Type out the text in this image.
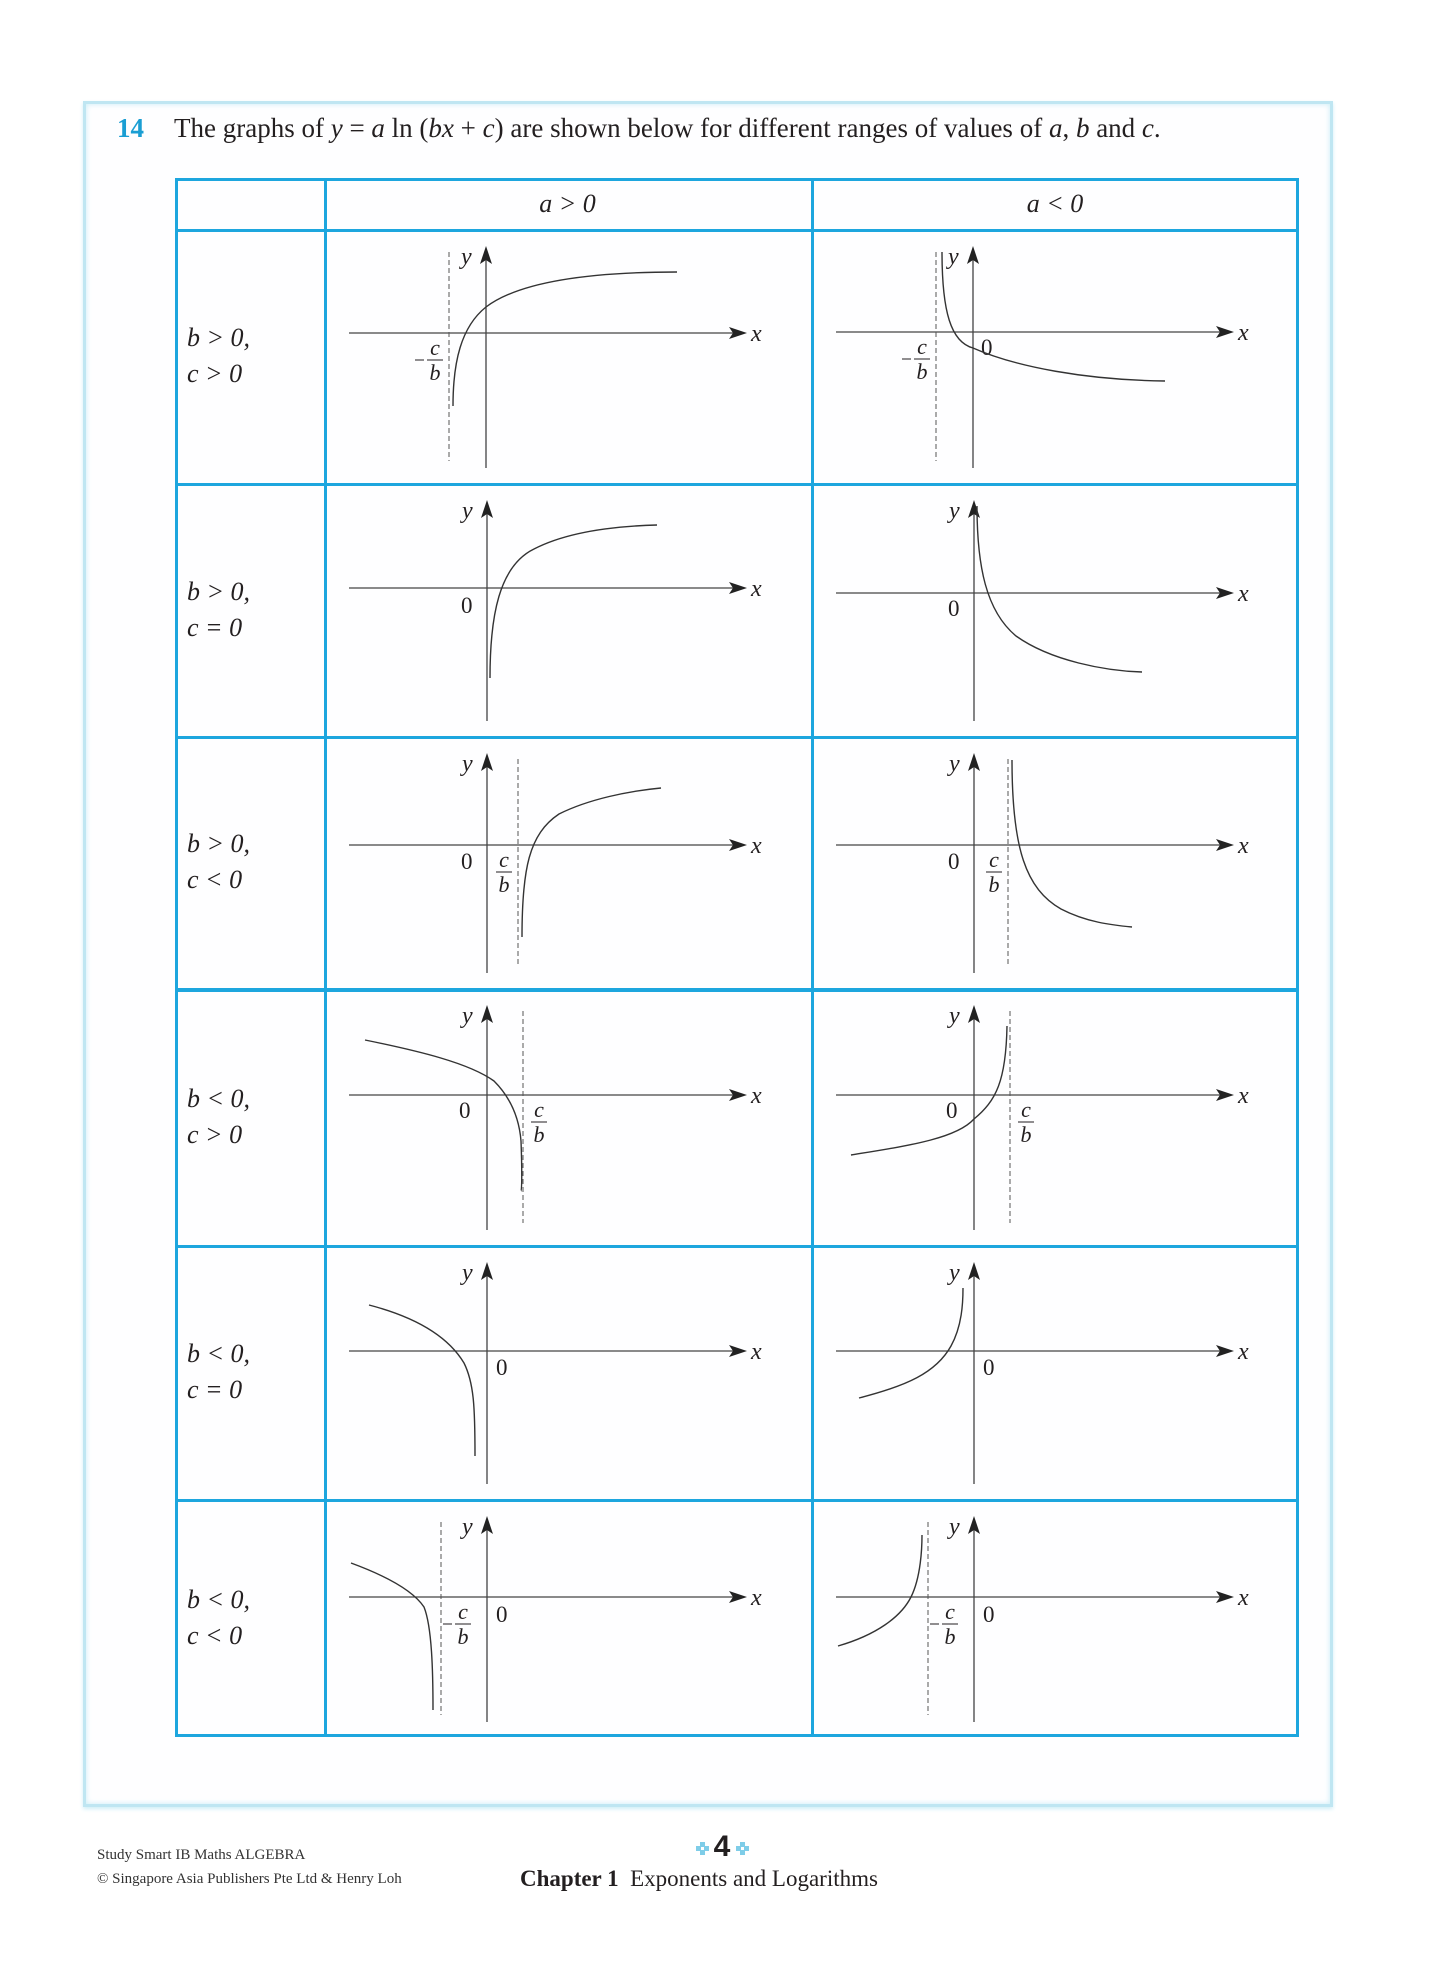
14 The graphs of y = a ln (bx + c) are shown below for different ranges of values of a, b and c.
a > 0	a < 0
b > 0,
c > 0
x
y
c
b
x
y
c
b
0
b > 0,
c = 0
x
y
0	x
y
0
b > 0,
c < 0
x
y
c
b
0
x
y
c
b
0
b < 0,
c > 0
x
y
c
b
0
x
y
c
b
0
b < 0,
c = 0
x
y
0
x
y
0
b < 0,
c < 0
x
y
c
b
0
x
y
c
b
0
Study Smart IB Maths ALGEBRA
© Singapore Asia Publishers Pte Ltd & Henry Loh
4
Chapter 1 Exponents and Logarithms
